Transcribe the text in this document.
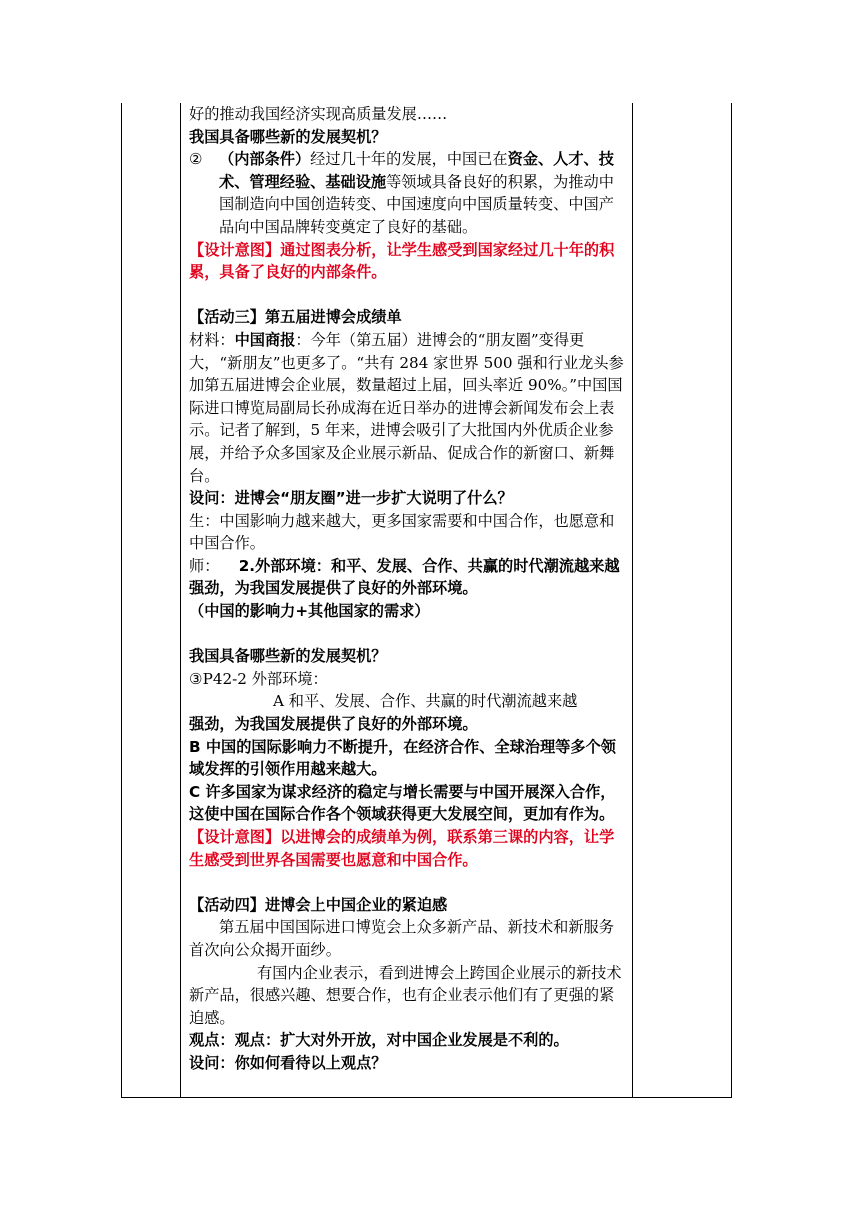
好的推动我国经济实现高质量发展……

我国具备哪些新的发展契机？

② （内部条件）经过几十年的发展，中国已在资金、人才、技术、管理经验、基础设施等领域具备良好的积累，为推动中国制造向中国创造转变、中国速度向中国质量转变、中国产品向中国品牌转变奠定了良好的基础。

【设计意图】通过图表分析，让学生感受到国家经过几十年的积累，具备了良好的内部条件。

【活动三】第五届进博会成绩单

材料：中国商报：今年（第五届）进博会的“朋友圈”变得更大，“新朋友”也更多了。“共有 284 家世界 500 强和行业龙头参加第五届进博会企业展，数量超过上届，回头率近 90%。”中国国际进口博览局副局长孙成海在近日举办的进博会新闻发布会上表示。记者了解到，5 年来，进博会吸引了大批国内外优质企业参展，并给予众多国家及企业展示新品、促成合作的新窗口、新舞台。

设问：进博会“朋友圈”进一步扩大说明了什么？

生：中国影响力越来越大，更多国家需要和中国合作，也愿意和中国合作。

师： 2.外部环境：和平、发展、合作、共赢的时代潮流越来越强劲，为我国发展提供了良好的外部环境。

（中国的影响力+其他国家的需求）

我国具备哪些新的发展契机？

③P42-2 外部环境：

A 和平、发展、合作、共赢的时代潮流越来越
强劲，为我国发展提供了良好的外部环境。

B 中国的国际影响力不断提升，在经济合作、全球治理等多个领域发挥的引领作用越来越大。

C 许多国家为谋求经济的稳定与增长需要与中国开展深入合作，这使中国在国际合作各个领域获得更大发展空间，更加有作为。

【设计意图】以进博会的成绩单为例，联系第三课的内容，让学生感受到世界各国需要也愿意和中国合作。

【活动四】进博会上中国企业的紧迫感

第五届中国国际进口博览会上众多新产品、新技术和新服务首次向公众揭开面纱。

有国内企业表示，看到进博会上跨国企业展示的新技术新产品，很感兴趣、想要合作，也有企业表示他们有了更强的紧迫感。

观点：观点：扩大对外开放，对中国企业发展是不利的。

设问：你如何看待以上观点？
